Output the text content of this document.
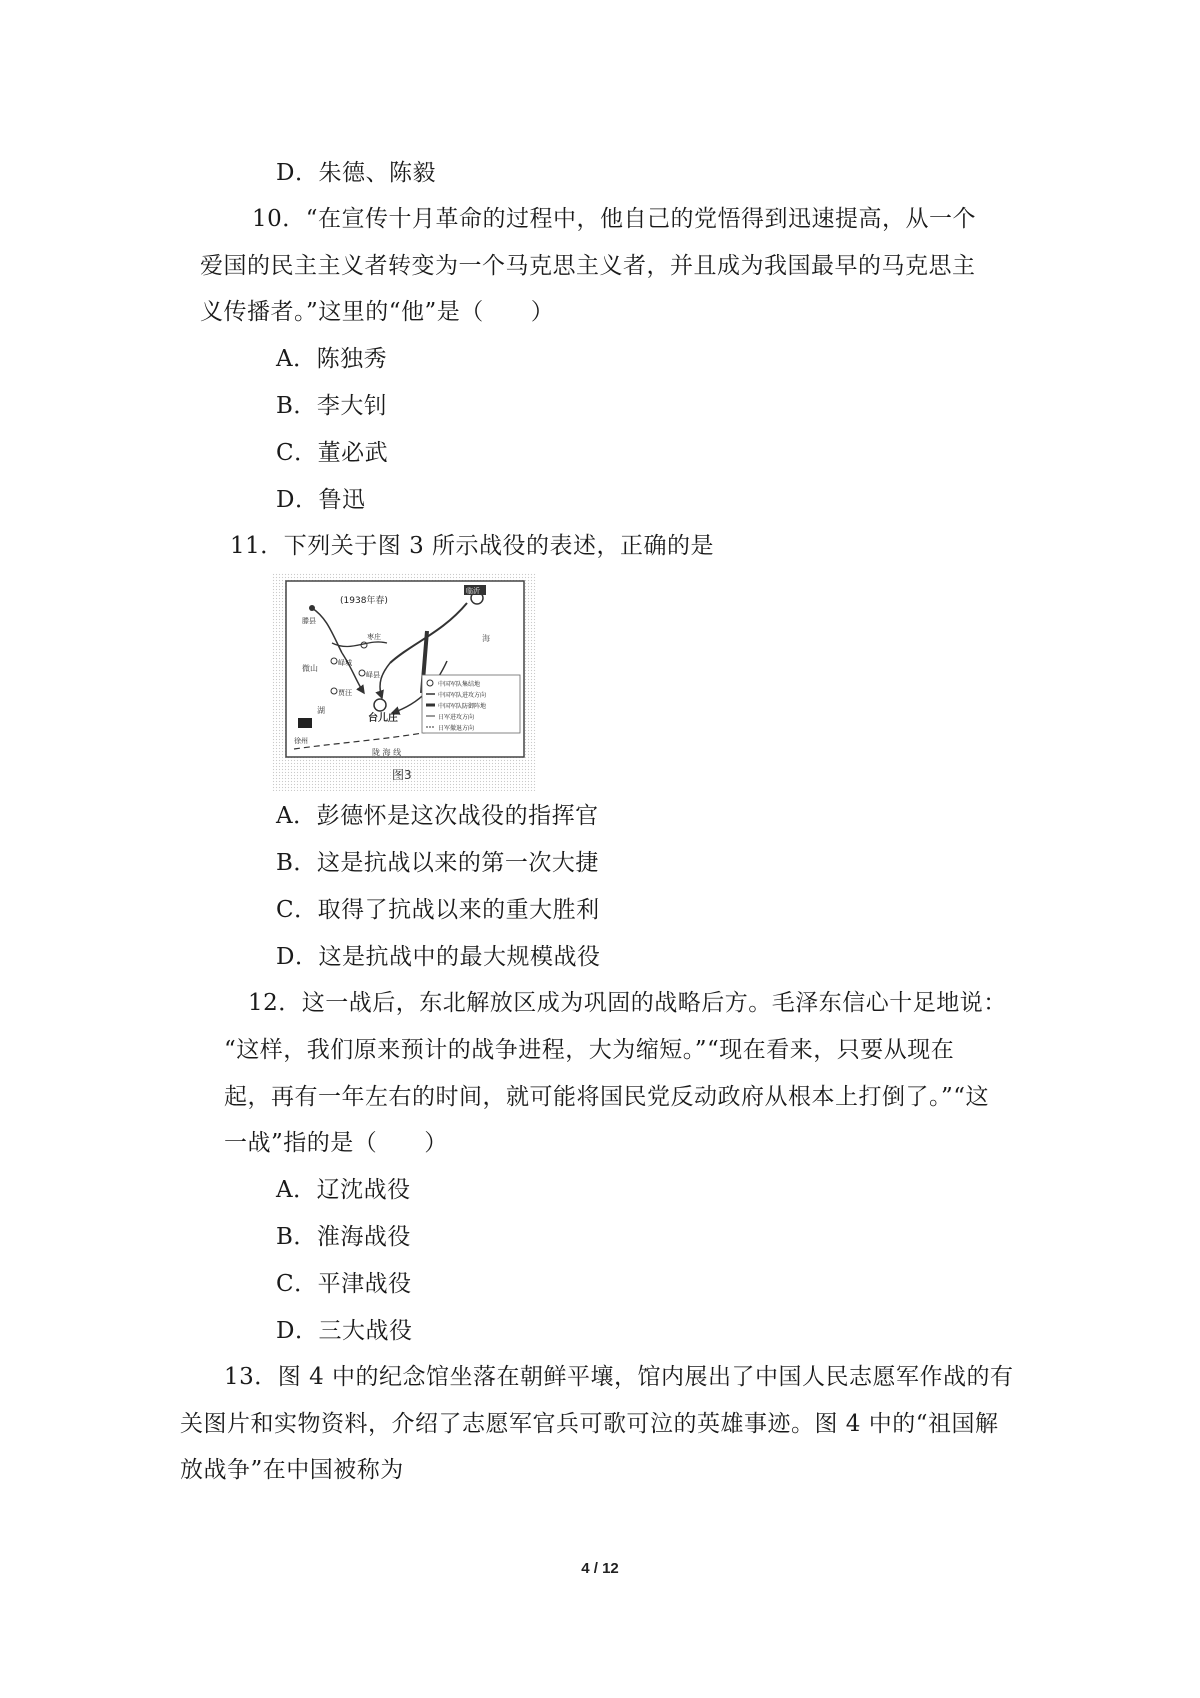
D．朱德、陈毅
10．“在宣传十月革命的过程中，他自己的党悟得到迅速提高，从一个
爱国的民主主义者转变为一个马克思主义者，并且成为我国最早的马克思主
义传播者。”这里的“他”是（　　）
A．陈独秀
B．李大钊
C．董必武
D．鲁迅
11．下列关于图 3 所示战役的表述，正确的是
(1938年春)
临沂
海
滕县
枣庄
峄城
峄县
贾汪
微山
湖
台儿庄
徐州
陇 海 线
中国军队集结地
中国军队进攻方向
中国军队防御阵地
日军进攻方向
日军撤退方向
图3
A．彭德怀是这次战役的指挥官
B．这是抗战以来的第一次大捷
C．取得了抗战以来的重大胜利
D．这是抗战中的最大规模战役
12．这一战后，东北解放区成为巩固的战略后方。毛泽东信心十足地说：
“这样，我们原来预计的战争进程，大为缩短。”“现在看来，只要从现在
起，再有一年左右的时间，就可能将国民党反动政府从根本上打倒了。”“这
一战”指的是（　　）
A．辽沈战役
B．淮海战役
C．平津战役
D．三大战役
13．图 4 中的纪念馆坐落在朝鲜平壤，馆内展出了中国人民志愿军作战的有
关图片和实物资料，介绍了志愿军官兵可歌可泣的英雄事迹。图 4 中的“祖国解
放战争”在中国被称为
4 / 12
